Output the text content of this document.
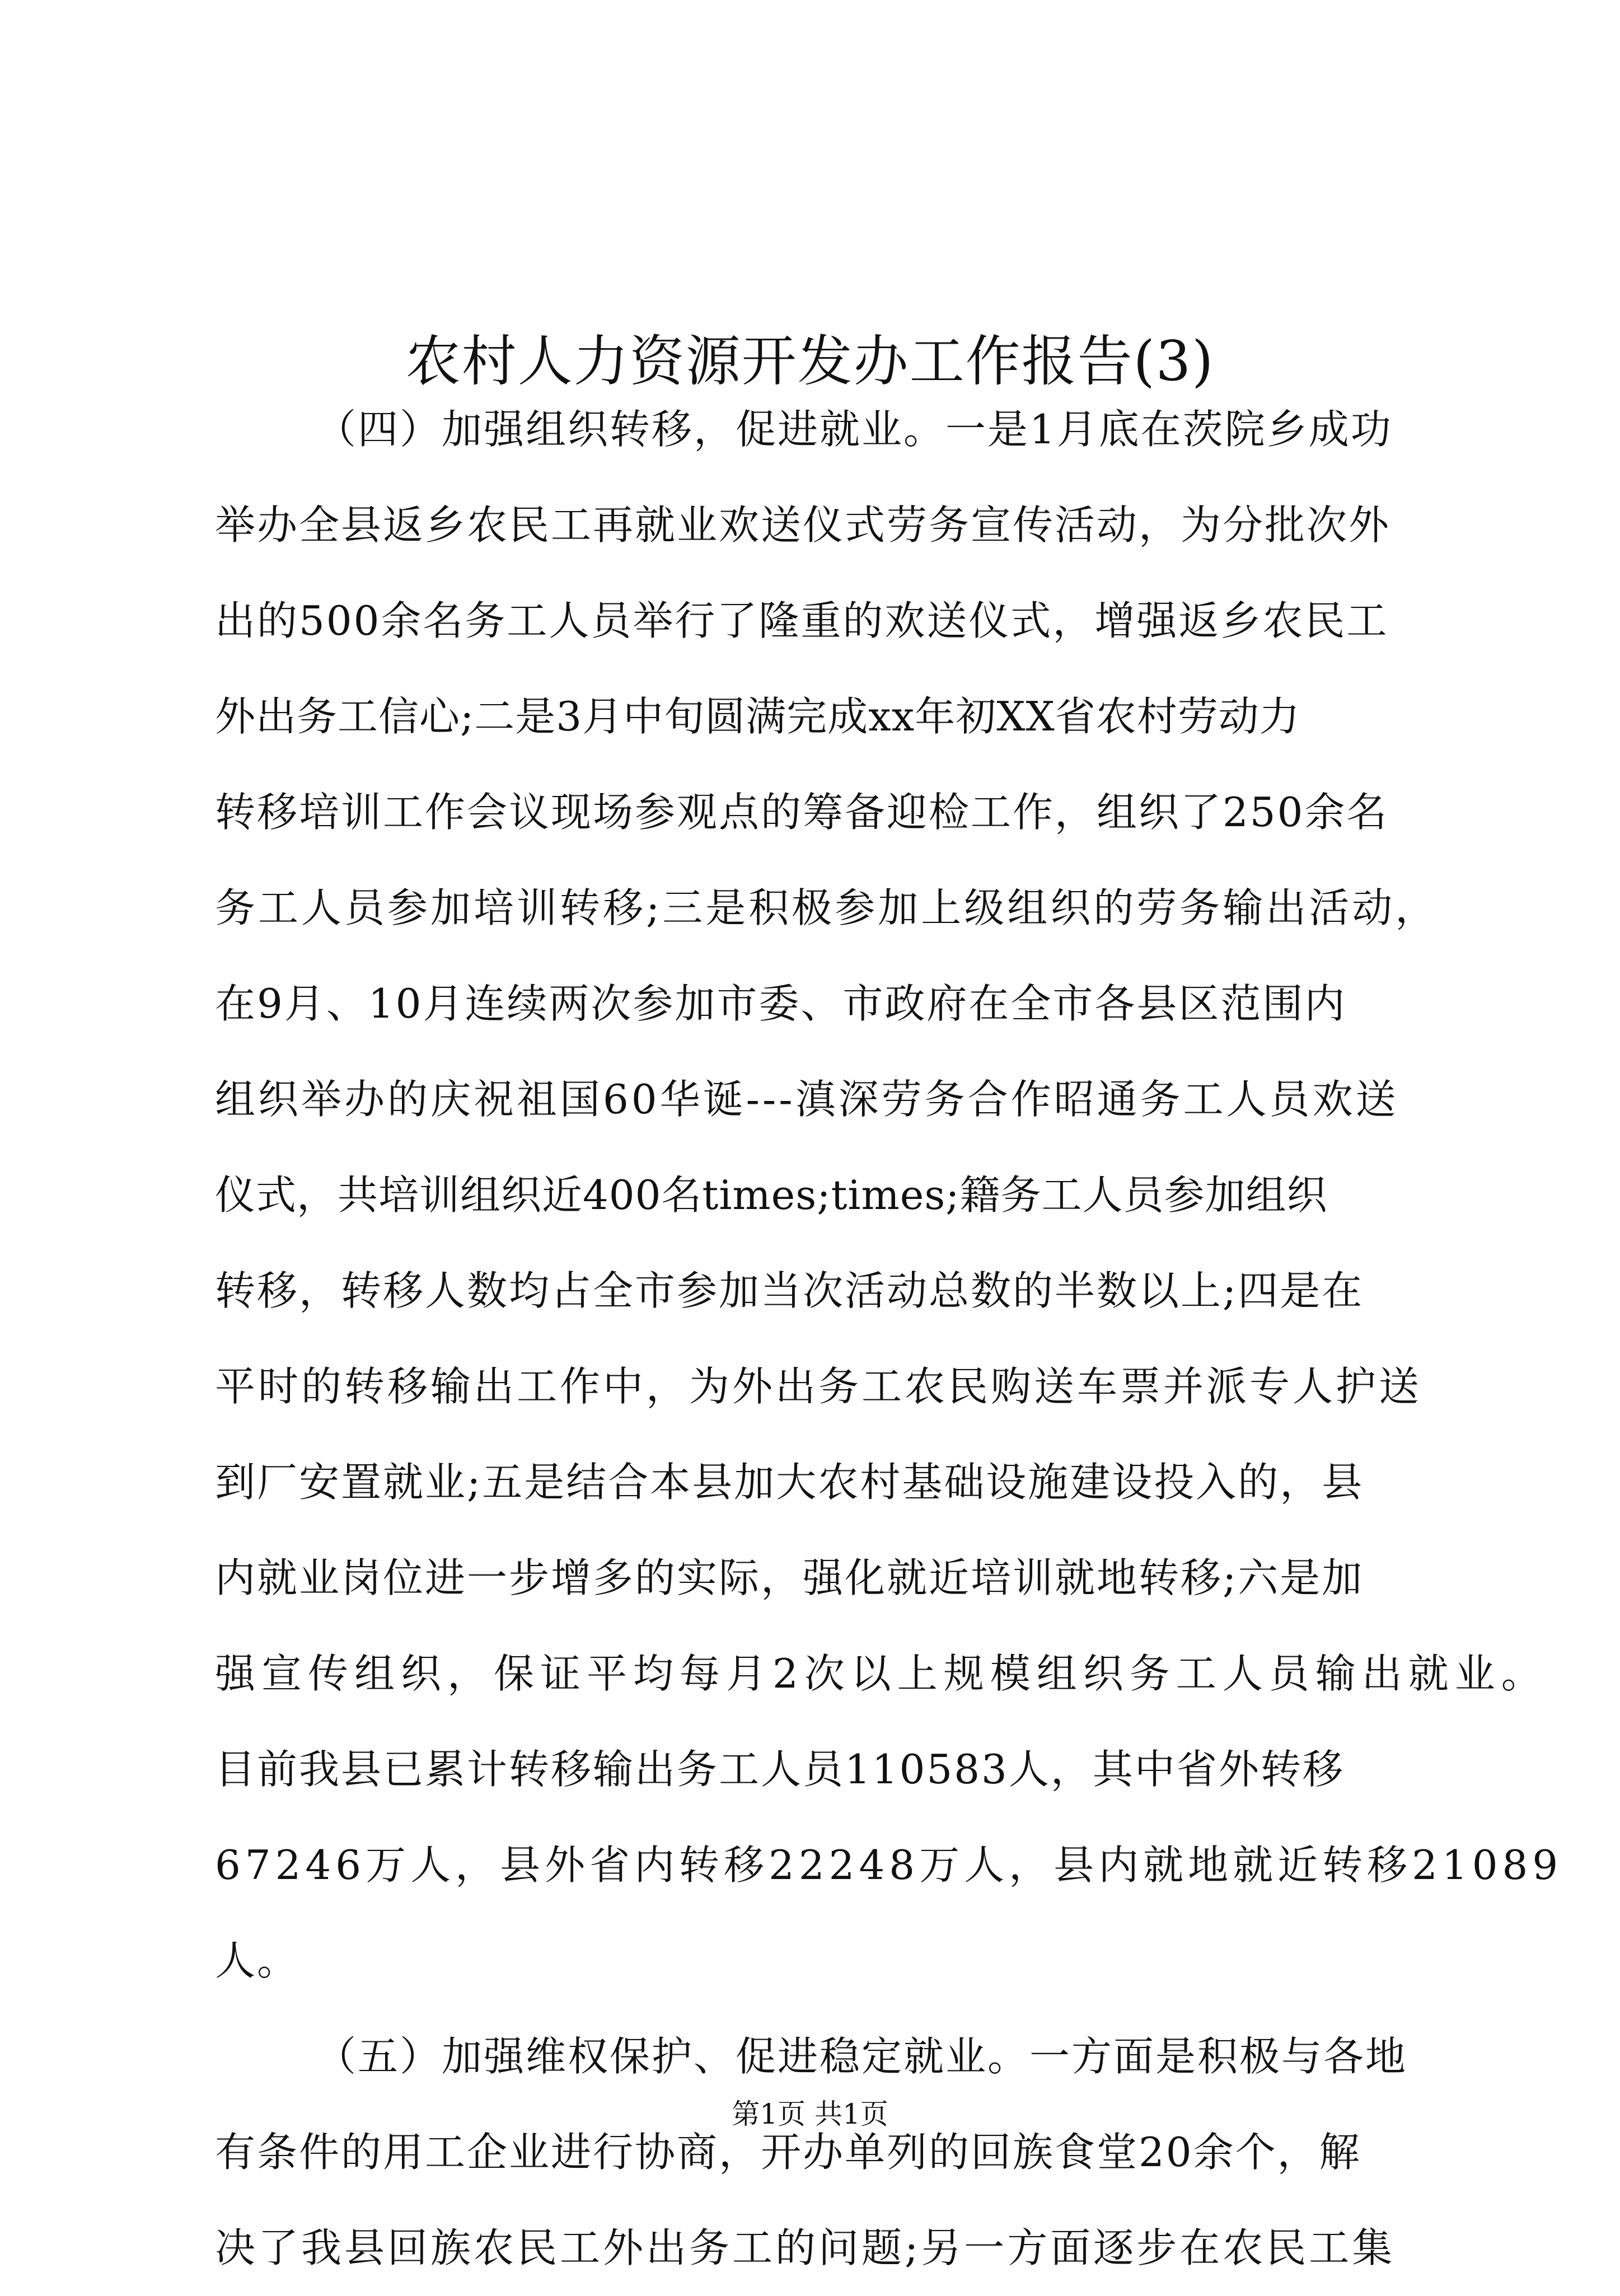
农村人力资源开发办工作报告(3)
（四）加强组织转移，促进就业。一是1月底在茨院乡成功
举办全县返乡农民工再就业欢送仪式劳务宣传活动，为分批次外
出的500余名务工人员举行了隆重的欢送仪式，增强返乡农民工
外出务工信心;二是3月中旬圆满完成xx年初XX省农村劳动力
转移培训工作会议现场参观点的筹备迎检工作，组织了250余名
务工人员参加培训转移;三是积极参加上级组织的劳务输出活动，
在9月、10月连续两次参加市委、市政府在全市各县区范围内
组织举办的庆祝祖国60华诞---滇深劳务合作昭通务工人员欢送
仪式，共培训组织近400名times;times;籍务工人员参加组织
转移，转移人数均占全市参加当次活动总数的半数以上;四是在
平时的转移输出工作中，为外出务工农民购送车票并派专人护送
到厂安置就业;五是结合本县加大农村基础设施建设投入的，县
内就业岗位进一步增多的实际，强化就近培训就地转移;六是加
强宣传组织，保证平均每月2次以上规模组织务工人员输出就业。
目前我县已累计转移输出务工人员110583人，其中省外转移
67246万人，县外省内转移22248万人，县内就地就近转移21089
人。
（五）加强维权保护、促进稳定就业。一方面是积极与各地
有条件的用工企业进行协商，开办单列的回族食堂20余个，解
决了我县回族农民工外出务工的问题;另一方面逐步在农民工集
第1页 共1页
